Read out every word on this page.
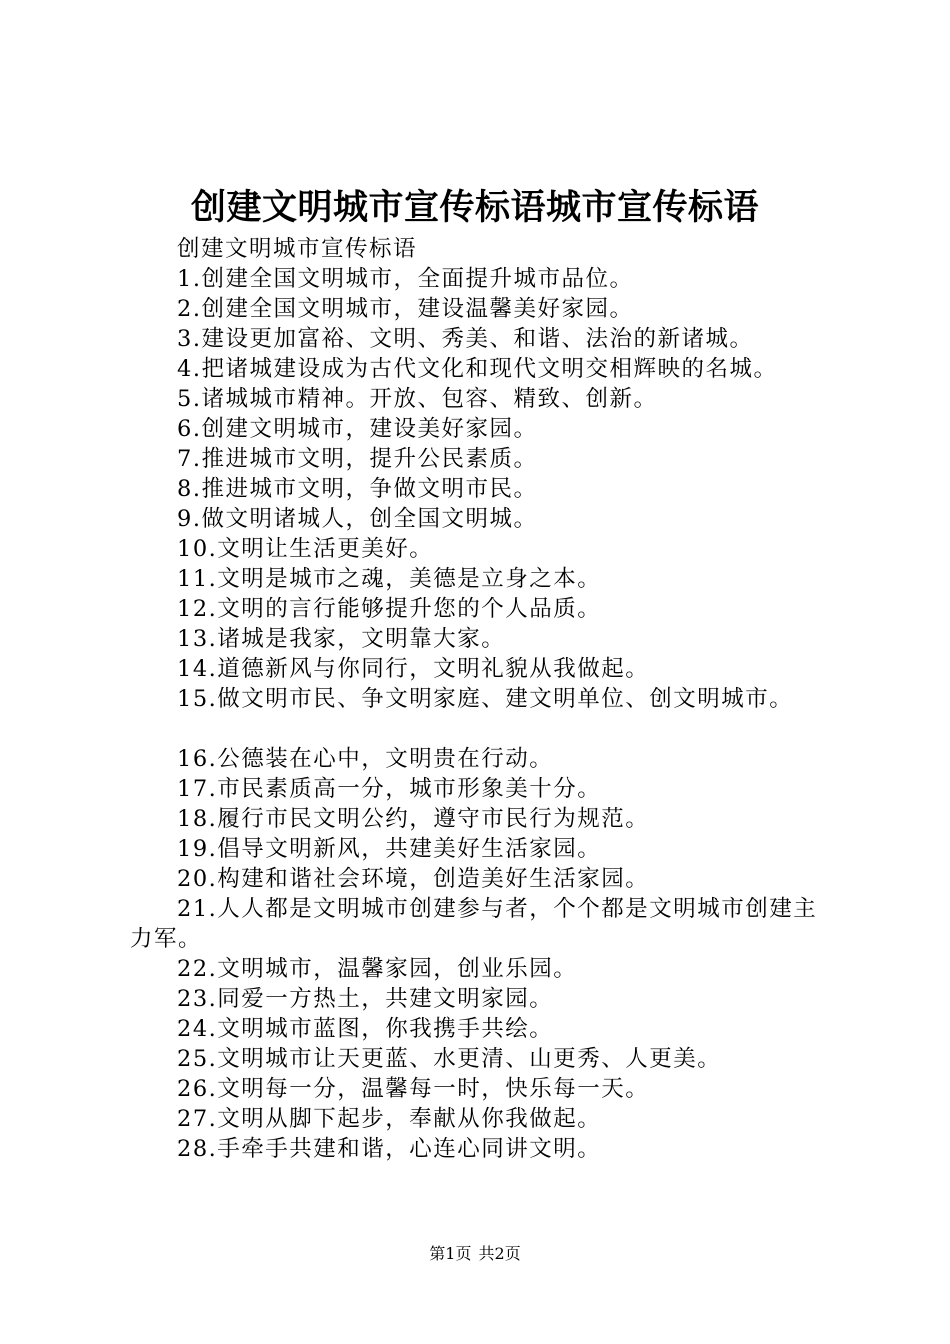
创建文明城市宣传标语城市宣传标语

创建文明城市宣传标语

1.创建全国文明城市，全面提升城市品位。

2.创建全国文明城市，建设温馨美好家园。

3.建设更加富裕、文明、秀美、和谐、法治的新诸城。

4.把诸城建设成为古代文化和现代文明交相辉映的名城。

5.诸城城市精神。开放、包容、精致、创新。

6.创建文明城市，建设美好家园。

7.推进城市文明，提升公民素质。

8.推进城市文明，争做文明市民。

9.做文明诸城人，创全国文明城。

10.文明让生活更美好。

11.文明是城市之魂，美德是立身之本。

12.文明的言行能够提升您的个人品质。

13.诸城是我家，文明靠大家。

14.道德新风与你同行，文明礼貌从我做起。

15.做文明市民、争文明家庭、建文明单位、创文明城市。

16.公德装在心中，文明贵在行动。

17.市民素质高一分，城市形象美十分。

18.履行市民文明公约，遵守市民行为规范。

19.倡导文明新风，共建美好生活家园。

20.构建和谐社会环境，创造美好生活家园。

21.人人都是文明城市创建参与者，个个都是文明城市创建主力军。

22.文明城市，温馨家园，创业乐园。

23.同爱一方热土，共建文明家园。

24.文明城市蓝图，你我携手共绘。

25.文明城市让天更蓝、水更清、山更秀、人更美。

26.文明每一分，温馨每一时，快乐每一天。

27.文明从脚下起步，奉献从你我做起。

28.手牵手共建和谐，心连心同讲文明。

第1页 共2页
